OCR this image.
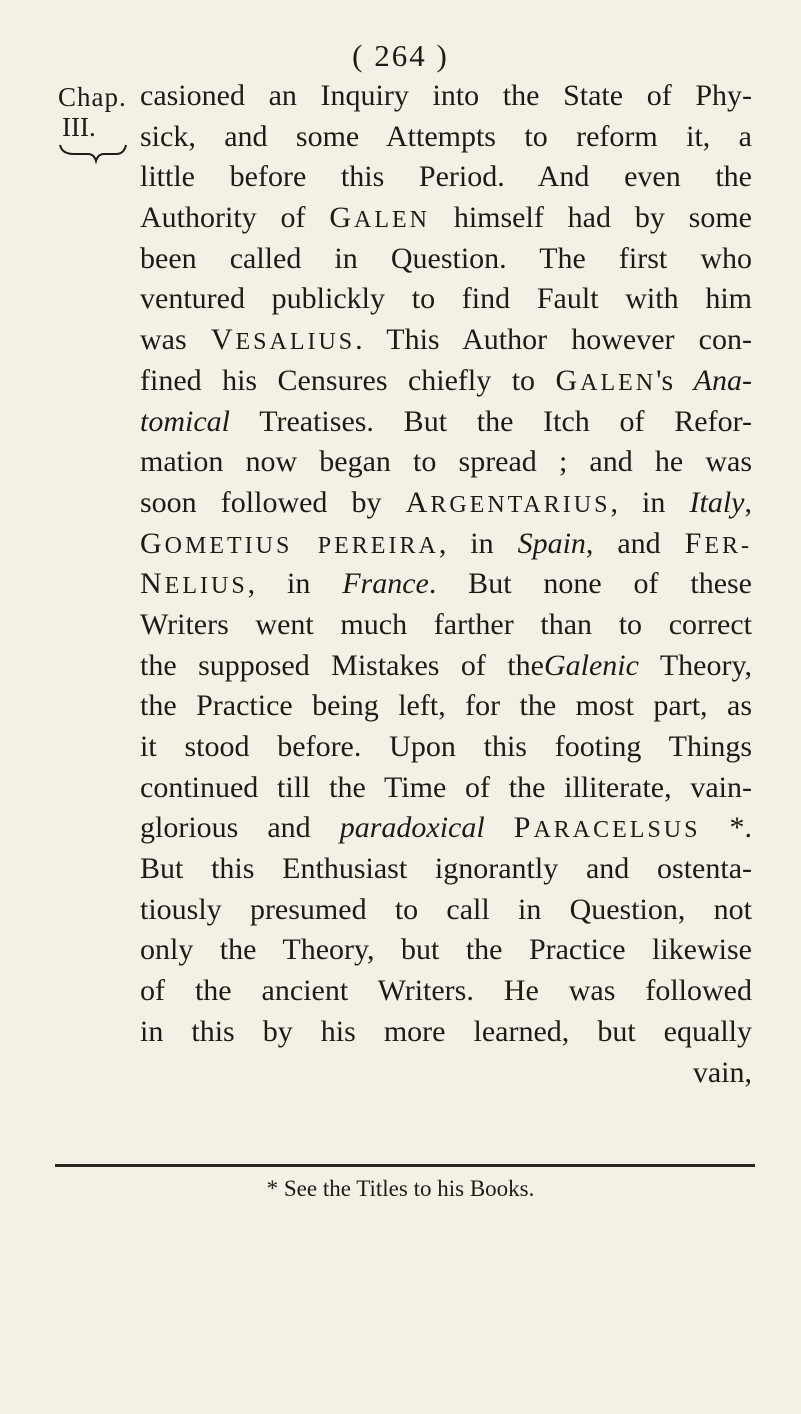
( 264 )
Chap.
III.
casioned an Inquiry into the State of Phy-
sick, and some Attempts to reform it, a
little before this Period. And even the
Authority of GALEN himself had by some
been called in Question. The first who
ventured publickly to find Fault with him
was VESALIUS. This Author however con-
fined his Censures chiefly to GALEN's Ana-
tomical Treatises. But the Itch of Refor-
mation now began to spread ; and he was
soon followed by ARGENTARIUS, in Italy,
GOMETIUS PEREIRA, in Spain, and FER-
NELIUS, in France. But none of these
Writers went much farther than to correct
the supposed Mistakes of theGalenic Theory,
the Practice being left, for the most part, as
it stood before. Upon this footing Things
continued till the Time of the illiterate, vain-
glorious and paradoxical PARACELSUS *.
But this Enthusiast ignorantly and ostenta-
tiously presumed to call in Question, not
only the Theory, but the Practice likewise
of the ancient Writers. He was followed
in this by his more learned, but equally
vain,
* See the Titles to his Books.
